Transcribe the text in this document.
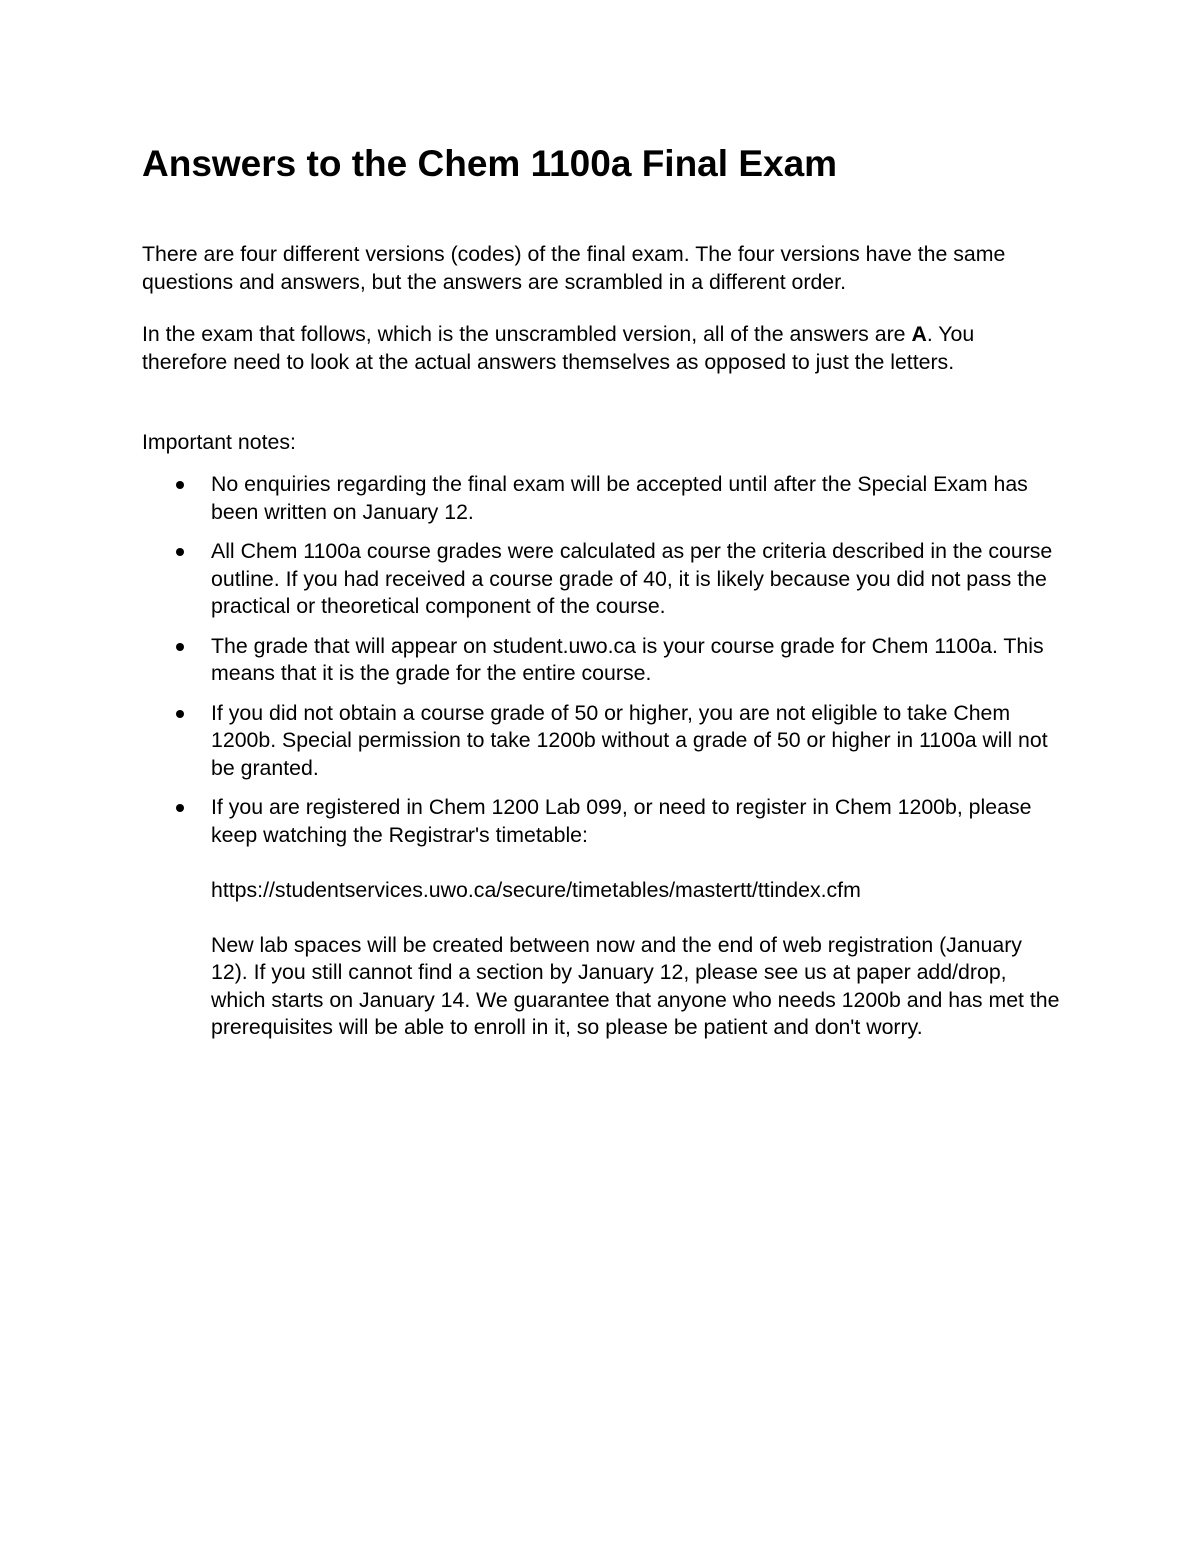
Answers to the Chem 1100a Final Exam

There are four different versions (codes) of the final exam. The four versions have the same questions and answers, but the answers are scrambled in a different order.

In the exam that follows, which is the unscrambled version, all of the answers are A. You therefore need to look at the actual answers themselves as opposed to just the letters.

Important notes:

No enquiries regarding the final exam will be accepted until after the Special Exam has been written on January 12.
All Chem 1100a course grades were calculated as per the criteria described in the course outline. If you had received a course grade of 40, it is likely because you did not pass the practical or theoretical component of the course.
The grade that will appear on student.uwo.ca is your course grade for Chem 1100a. This means that it is the grade for the entire course.
If you did not obtain a course grade of 50 or higher, you are not eligible to take Chem 1200b. Special permission to take 1200b without a grade of 50 or higher in 1100a will not be granted.
If you are registered in Chem 1200 Lab 099, or need to register in Chem 1200b, please keep watching the Registrar's timetable:
https://studentservices.uwo.ca/secure/timetables/mastertt/ttindex.cfm
New lab spaces will be created between now and the end of web registration (January 12). If you still cannot find a section by January 12, please see us at paper add/drop, which starts on January 14. We guarantee that anyone who needs 1200b and has met the prerequisites will be able to enroll in it, so please be patient and don't worry.
